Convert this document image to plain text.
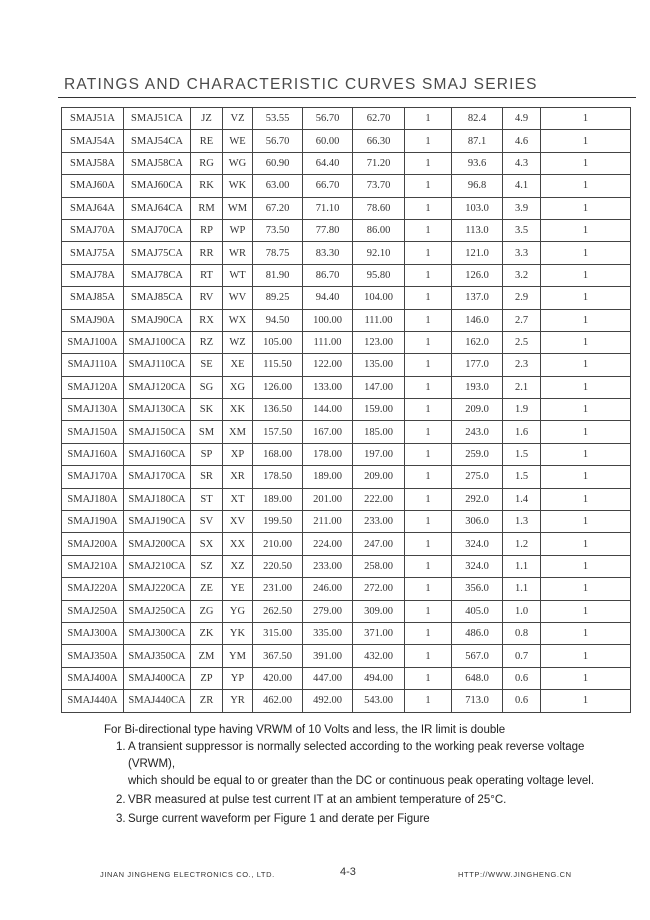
RATINGS AND CHARACTERISTIC CURVES SMAJ SERIES
SMAJ51A	SMAJ51CA	JZ	VZ	53.55	56.70	62.70	1	82.4	4.9	1
SMAJ54A	SMAJ54CA	RE	WE	56.70	60.00	66.30	1	87.1	4.6	1
SMAJ58A	SMAJ58CA	RG	WG	60.90	64.40	71.20	1	93.6	4.3	1
SMAJ60A	SMAJ60CA	RK	WK	63.00	66.70	73.70	1	96.8	4.1	1
SMAJ64A	SMAJ64CA	RM	WM	67.20	71.10	78.60	1	103.0	3.9	1
SMAJ70A	SMAJ70CA	RP	WP	73.50	77.80	86.00	1	113.0	3.5	1
SMAJ75A	SMAJ75CA	RR	WR	78.75	83.30	92.10	1	121.0	3.3	1
SMAJ78A	SMAJ78CA	RT	WT	81.90	86.70	95.80	1	126.0	3.2	1
SMAJ85A	SMAJ85CA	RV	WV	89.25	94.40	104.00	1	137.0	2.9	1
SMAJ90A	SMAJ90CA	RX	WX	94.50	100.00	111.00	1	146.0	2.7	1
SMAJ100A	SMAJ100CA	RZ	WZ	105.00	111.00	123.00	1	162.0	2.5	1
SMAJ110A	SMAJ110CA	SE	XE	115.50	122.00	135.00	1	177.0	2.3	1
SMAJ120A	SMAJ120CA	SG	XG	126.00	133.00	147.00	1	193.0	2.1	1
SMAJ130A	SMAJ130CA	SK	XK	136.50	144.00	159.00	1	209.0	1.9	1
SMAJ150A	SMAJ150CA	SM	XM	157.50	167.00	185.00	1	243.0	1.6	1
SMAJ160A	SMAJ160CA	SP	XP	168.00	178.00	197.00	1	259.0	1.5	1
SMAJ170A	SMAJ170CA	SR	XR	178.50	189.00	209.00	1	275.0	1.5	1
SMAJ180A	SMAJ180CA	ST	XT	189.00	201.00	222.00	1	292.0	1.4	1
SMAJ190A	SMAJ190CA	SV	XV	199.50	211.00	233.00	1	306.0	1.3	1
SMAJ200A	SMAJ200CA	SX	XX	210.00	224.00	247.00	1	324.0	1.2	1
SMAJ210A	SMAJ210CA	SZ	XZ	220.50	233.00	258.00	1	324.0	1.1	1
SMAJ220A	SMAJ220CA	ZE	YE	231.00	246.00	272.00	1	356.0	1.1	1
SMAJ250A	SMAJ250CA	ZG	YG	262.50	279.00	309.00	1	405.0	1.0	1
SMAJ300A	SMAJ300CA	ZK	YK	315.00	335.00	371.00	1	486.0	0.8	1
SMAJ350A	SMAJ350CA	ZM	YM	367.50	391.00	432.00	1	567.0	0.7	1
SMAJ400A	SMAJ400CA	ZP	YP	420.00	447.00	494.00	1	648.0	0.6	1
SMAJ440A	SMAJ440CA	ZR	YR	462.00	492.00	543.00	1	713.0	0.6	1

For Bi-directional type having VRWM of 10 Volts and less, the IR limit is double

1. A transient suppressor is normally selected according to the working peak reverse voltage (VRWM),
which should be equal to or greater than the DC or continuous peak operating voltage level.
2. VBR measured at pulse test current IT at an ambient temperature of 25°C.
3. Surge current waveform per Figure 1 and derate per Figure
JINAN JINGHENG ELECTRONICS CO., LTD.	4-3	HTTP://WWW.JINGHENG.CN
